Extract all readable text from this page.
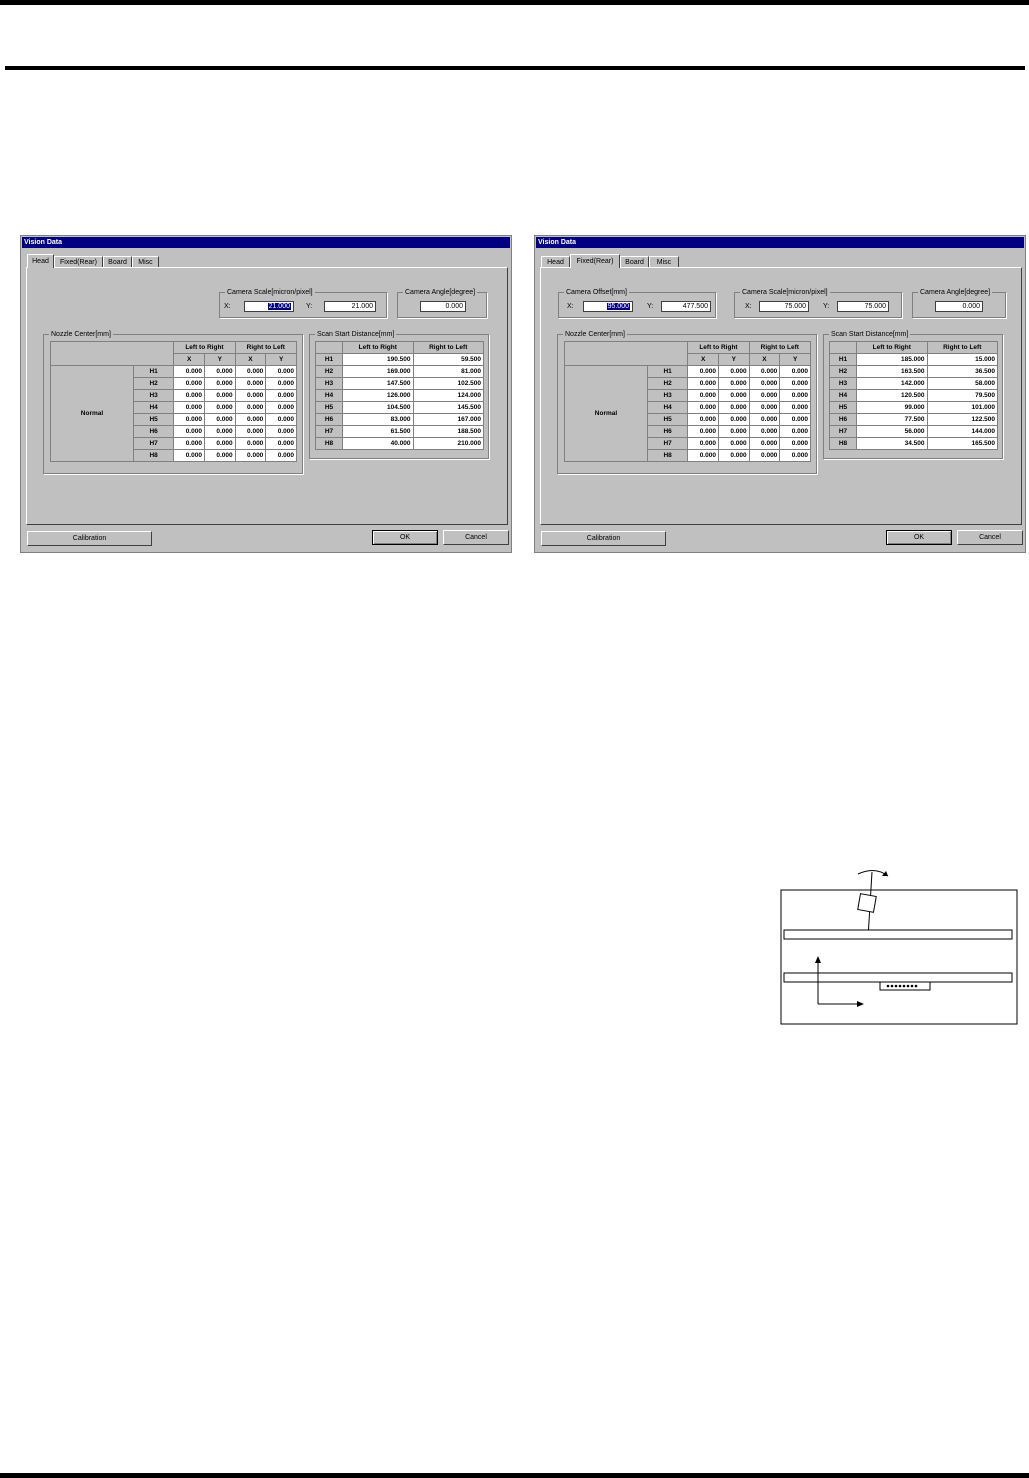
Vision Data
Head	Fixed(Rear)	Board	Misc
Camera Scale[micron/pixel]
X:	21.000	Y:	21.000
Camera Angle[degree]
0.000
Nozzle Center[mm]
		Left to Right		Right to Left	
		X	Y	X	Y
Normal	H1	0.000	0.000	0.000	0.000
	H2	0.000	0.000	0.000	0.000
	H3	0.000	0.000	0.000	0.000
	H4	0.000	0.000	0.000	0.000
	H5	0.000	0.000	0.000	0.000
	H6	0.000	0.000	0.000	0.000
	H7	0.000	0.000	0.000	0.000
	H8	0.000	0.000	0.000	0.000
Scan Start Distance[mm]
	Left to Right	Right to Left
H1	190.500	59.500
H2	169.000	81.000
H3	147.500	102.500
H4	126.000	124.000
H5	104.500	145.500
H6	83.000	167.000
H7	61.500	188.500
H8	40.000	210.000
Calibration	OK	Cancel
Vision Data
Head	Fixed(Rear)	Board	Misc
Camera Offset[mm]
X:	95.000	Y:	477.500
Camera Scale[micron/pixel]
X:	75.000	Y:	75.000
Camera Angle[degree]
0.000
Nozzle Center[mm]
		Left to Right		Right to Left	
		X	Y	X	Y
Normal	H1	0.000	0.000	0.000	0.000
	H2	0.000	0.000	0.000	0.000
	H3	0.000	0.000	0.000	0.000
	H4	0.000	0.000	0.000	0.000
	H5	0.000	0.000	0.000	0.000
	H6	0.000	0.000	0.000	0.000
	H7	0.000	0.000	0.000	0.000
	H8	0.000	0.000	0.000	0.000
Scan Start Distance[mm]
	Left to Right	Right to Left
H1	185.000	15.000
H2	163.500	36.500
H3	142.000	58.000
H4	120.500	79.500
H5	99.000	101.000
H6	77.500	122.500
H7	56.000	144.000
H8	34.500	165.500
Calibration	OK	Cancel
